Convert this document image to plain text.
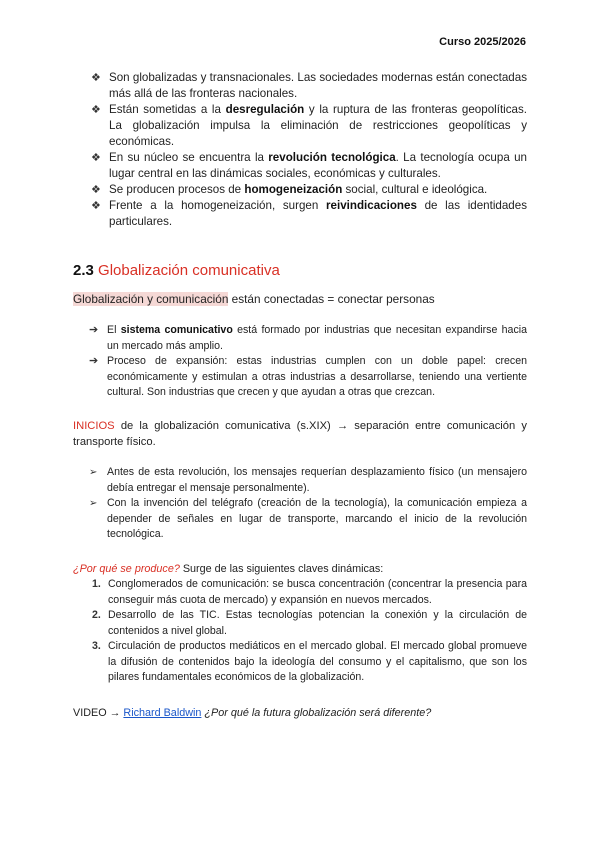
Curso 2025/2026
❖ Son globalizadas y transnacionales. Las sociedades modernas están conectadas más allá de las fronteras nacionales.
❖ Están sometidas a la desregulación y la ruptura de las fronteras geopolíticas. La globalización impulsa la eliminación de restricciones geopolíticas y económicas.
❖ En su núcleo se encuentra la revolución tecnológica. La tecnología ocupa un lugar central en las dinámicas sociales, económicas y culturales.
❖ Se producen procesos de homogeneización social, cultural e ideológica.
❖ Frente a la homogeneización, surgen reivindicaciones de las identidades particulares.
2.3 Globalización comunicativa
Globalización y comunicación están conectadas = conectar personas
➔ El sistema comunicativo está formado por industrias que necesitan expandirse hacia un mercado más amplio.
➔ Proceso de expansión: estas industrias cumplen con un doble papel: crecen económicamente y estimulan a otras industrias a desarrollarse, teniendo una vertiente cultural. Son industrias que crecen y que ayudan a otras que crezcan.
INICIOS de la globalización comunicativa (s.XIX) → separación entre comunicación y transporte físico.
➢ Antes de esta revolución, los mensajes requerían desplazamiento físico (un mensajero debía entregar el mensaje personalmente).
➢ Con la invención del telégrafo (creación de la tecnología), la comunicación empieza a depender de señales en lugar de transporte, marcando el inicio de la revolución tecnológica.
¿Por qué se produce? Surge de las siguientes claves dinámicas:
1. Conglomerados de comunicación: se busca concentración (concentrar la presencia para conseguir más cuota de mercado) y expansión en nuevos mercados.
2. Desarrollo de las TIC. Estas tecnologías potencian la conexión y la circulación de contenidos a nivel global.
3. Circulación de productos mediáticos en el mercado global. El mercado global promueve la difusión de contenidos bajo la ideología del consumo y el capitalismo, que son los pilares fundamentales económicos de la globalización.
VIDEO → Richard Baldwin ¿Por qué la futura globalización será diferente?
